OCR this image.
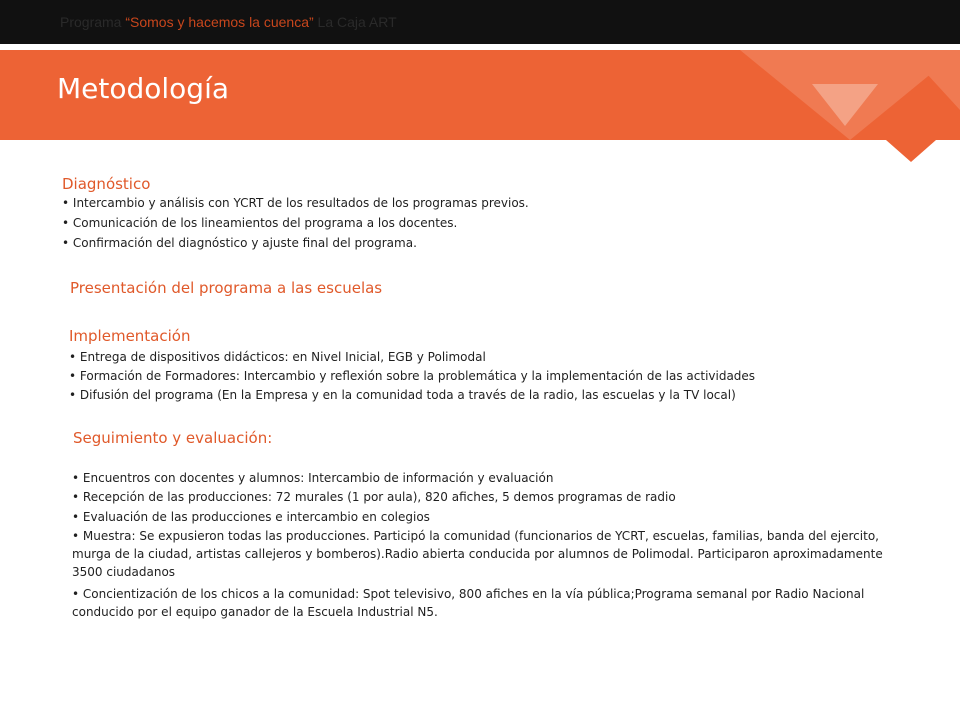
Programa “Somos y hacemos la cuenca” La Caja ART
Metodología
Diagnóstico
• Intercambio y análisis con YCRT de los resultados de los programas previos.
• Comunicación de los lineamientos del programa a los docentes.
• Confirmación del diagnóstico y ajuste final del programa.
Presentación del programa a las escuelas
Implementación
• Entrega de dispositivos didácticos: en Nivel Inicial, EGB y Polimodal
• Formación de Formadores: Intercambio y reflexión sobre la problemática y la implementación de las actividades
• Difusión del programa (En la Empresa y en la comunidad toda a través de la radio, las escuelas y la TV local)
Seguimiento y evaluación:
• Encuentros con docentes y alumnos: Intercambio de información y evaluación
• Recepción de las producciones: 72 murales (1 por aula), 820 afiches, 5 demos programas de radio
• Evaluación de las producciones e intercambio en colegios
• Muestra: Se expusieron todas las producciones. Participó la comunidad (funcionarios de YCRT, escuelas, familias, banda del ejercito, murga de la ciudad, artistas callejeros y bomberos).Radio abierta conducida por alumnos de Polimodal. Participaron aproximadamente 3500 ciudadanos
• Concientización de los chicos a la comunidad: Spot televisivo, 800 afiches en la vía pública;Programa semanal por Radio Nacional conducido por el equipo ganador de la Escuela Industrial N5.
